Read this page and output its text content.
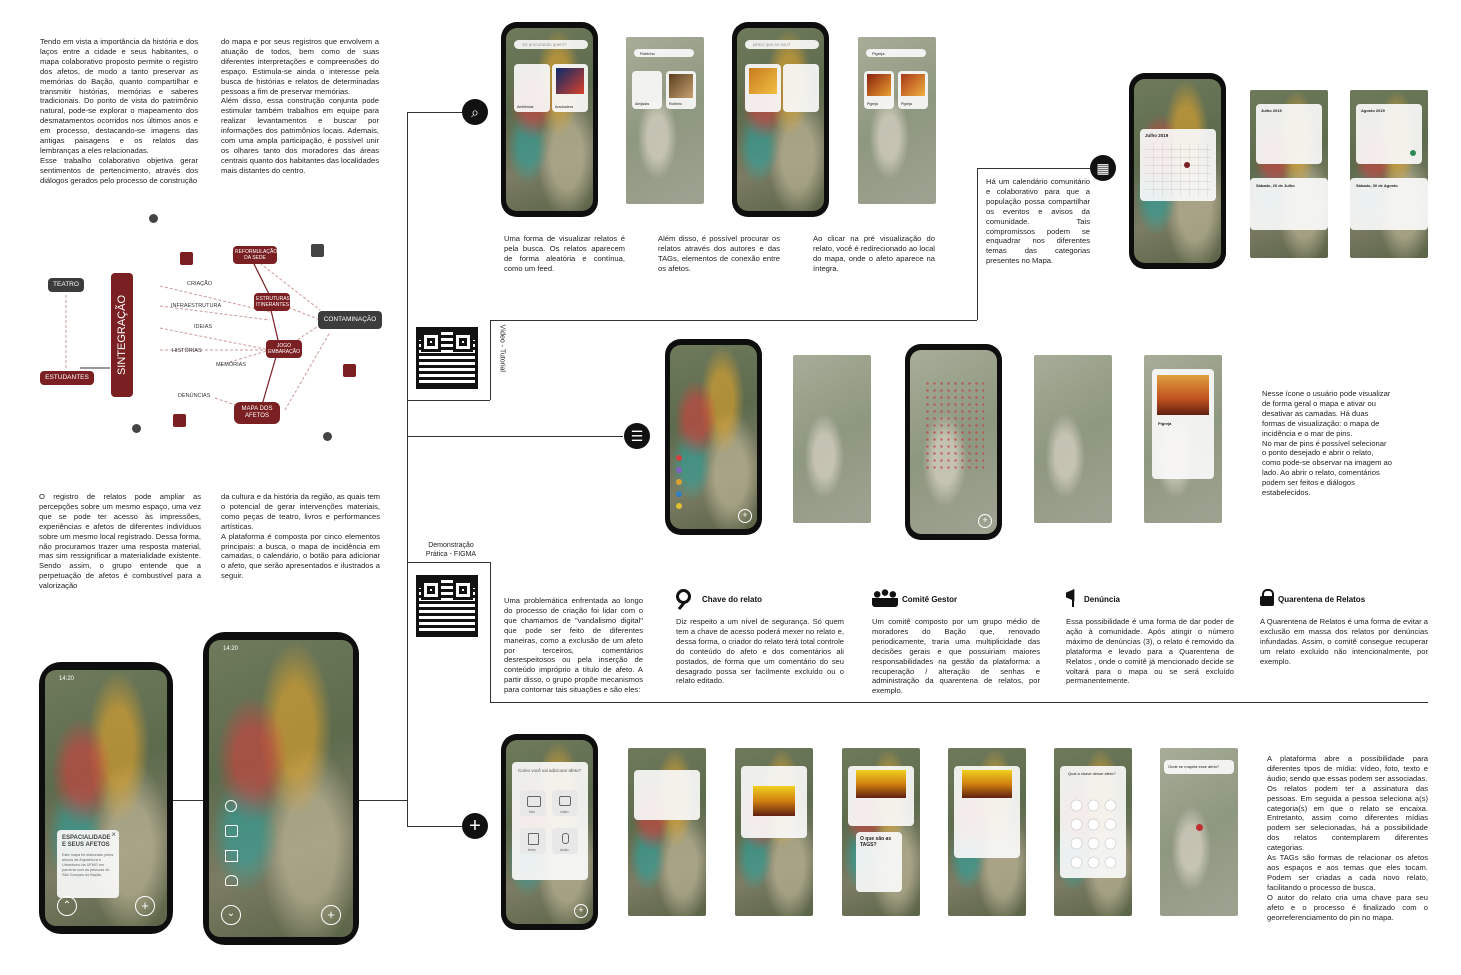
Tendo em vista a importância da história e dos laços entre a cidade e seus habitantes, o mapa colaborativo proposto permite o registro dos afetos, de modo a tanto preservar as memórias do Bação, quanto compartilhar e transmitir histórias, memórias e saberes tradicionais. Do ponto de vista do patrimônio natural, pode-se explorar o mapeamento dos desmatamentos ocorridos nos últimos anos e em processo, destacando-se imagens das antigas paisagens e os relatos das lembranças a eles relacionadas.

Esse trabalho colaborativo objetiva gerar sentimentos de pertencimento, através dos diálogos gerados pelo processo de construção

do mapa e por seus registros que envolvem a atuação de todos, bem como de suas diferentes interpretações e compreensões do espaço. Estimula-se ainda o interesse pela busca de histórias e relatos de determinadas pessoas a fim de preservar memórias.

Além disso, essa construção conjunta pode estimular também trabalhos em equipe para realizar levantamentos e buscar por informações dos patrimônios locais. Ademais, com uma ampla participação, é possível unir os olhares tanto dos moradores das áreas centrais quanto dos habitantes das localidades mais distantes do centro.

TEATRO
ESTUDANTES
SINTEGRAÇÃO	CONTAMINAÇÃO
REFORMULAÇÃO DA SEDE
ESTRUTURAS ITINERANTES
JOGO EMBARAÇÃO
MAPA DOS AFETOS
CRIAÇÃO
INFRAESTRUTURA
IDEIAS
HISTÓRIAS
MEMÓRIAS
DENÚNCIAS

O registro de relatos pode ampliar as percepções sobre um mesmo espaço, uma vez que se pode ter acesso às impressões, experiências e afetos de diferentes indivíduos sobre um mesmo local registrado. Dessa forma, não procuramos trazer uma resposta material, mas sim ressignificar a materialidade existente. Sendo assim, o grupo entende que a perpetuação de afetos é combustível para a valorização

da cultura e da história da região, as quais tem o potencial de gerar intervenções materiais, como peças de teatro, livros e performances artísticas.

A plataforma é composta por cinco elementos principais: a busca, o mapa de incidência em camadas, o calendário, o botão para adicionar o afeto, que serão apresentados e ilustrados a seguir.

14:20
×
ESPACIALIDADE E SEUS AFETOS
Este mapa foi elaborado pelos alunos de Arquitetura e Urbanismo da UFMG em parceria com as pessoas de São Gonçalo do Bação.
⌃	+
14:20
⌄	+
⌕
▦
☰
+
Só procurando quem?
Ambiência	Arachadera
Robinho
Aleijadas	Robinho
pintor que eu sou?
Pigreja
Pigreja	Pigreja
Uma forma de visualizar relatos é pela busca. Os relatos aparecem de forma aleatória e contínua, como um feed.
Além disso, é possível procurar os relatos através dos autores e das TAGs, elementos de conexão entre os afetos.
Ao clicar na pré visualização do relato, você é redirecionado ao local do mapa, onde o afeto aparece na íntegra.
Há um calendário comunitário e colaborativo para que a população possa compartilhar os eventos e avisos da comunidade. Tais compromissos podem se enquadrar nos diferentes temas das categorias presentes no Mapa.
Julho 2019
Julho 2019
Sábado, 20 de Julho
Agosto 2019
Sábado, 30 de Agosto
Vídeo - Tutorial
+	+
Pigreja

Nesse ícone o usuário pode visualizar de forma geral o mapa e ativar ou desativar as camadas. Há duas formas de visualização: o mapa de incidência e o mar de pins.

No mar de pins é possível selecionar o ponto desejado e abrir o relato, como pode-se observar na imagem ao lado. Ao abrir o relato, comentários podem ser feitos e diálogos estabelecidos.

Demonstração Prática - FIGMA
Uma problemática enfrentada ao longo do processo de criação foi lidar com o que chamamos de "vandalismo digital" que pode ser feito de diferentes maneiras, como a exclusão de um afeto por terceiros, comentários desrespeitosos ou pela inserção de conteúdo impróprio a título de afeto. A partir disso, o grupo propõe mecanismos para contornar tais situações e são eles:
Chave do relato
Diz respeito a um nível de segurança. Só quem tem a chave de acesso poderá mexer no relato e, dessa forma, o criador do relato terá total controle do conteúdo do afeto e dos comentários ali postados, de forma que um comentário do seu desagrado possa ser facilmente excluído ou o relato editado.
Comitê Gestor
Um comitê composto por um grupo médio de moradores do Bação que, renovado periodicamente, traria uma multiplicidade das decisões gerais e que possuiriam maiores responsabilidades na gestão da plataforma: a recuperação / alteração de senhas e administração da quarentena de relatos, por exemplo.
Denúncia
Essa possibilidade é uma forma de dar poder de ação à comunidade. Após atingir o número máximo de denúncias (3), o relato é removido da plataforma e levado para a Quarentena de Relatos , onde o comitê já mencionado decide se voltará para o mapa ou se será excluído permanentemente.
Quarentena de Relatos
A Quarentena de Relatos é uma forma de evitar a exclusão em massa dos relatos por denúncias infundadas. Assim, o comitê consegue recuperar um relato excluído não intencionalmente, por exemplo.
Como você vai adicionar afeto?
foto	vídeo
texto	áudio
+
O que são as TAGS?
Qual a chave desse afeto?
Onde se mapeia esse afeto?

A plataforma abre a possibilidade para diferentes tipos de mídia: vídeo, foto, texto e áudio; sendo que essas podem ser associadas.

Os relatos podem ter a assinatura das pessoas. Em seguida a pessoa seleciona a(s) categoria(s) em que o relato se encaixa. Entretanto, assim como diferentes mídias podem ser selecionadas, há a possibilidade dos relatos contemplarem diferentes categorias.

As TAGs são formas de relacionar os afetos aos espaços e aos temas que eles tocam. Podem ser criadas a cada novo relato, facilitando o processo de busca.

O autor do relato cria uma chave para seu afeto e o processo é finalizado com o georreferenciamento do pin no mapa.
